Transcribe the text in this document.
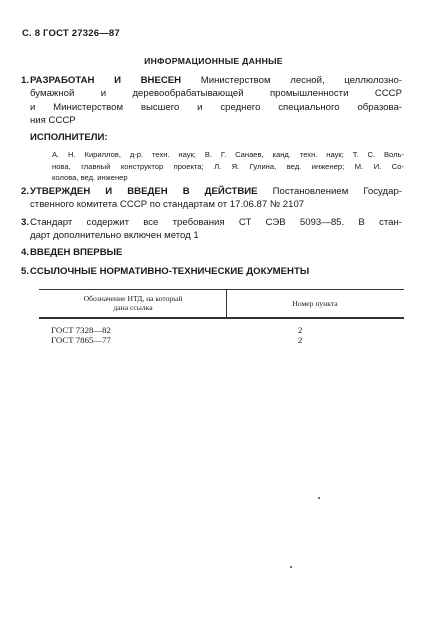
С. 8 ГОСТ 27326—87
ИНФОРМАЦИОННЫЕ ДАННЫЕ
1. РАЗРАБОТАН И ВНЕСЕН Министерством лесной, целлюлозно-
бумажной и деревообрабатывающей промышленности СССР
и Министерством высшего и среднего специального образова-
ния СССР
ИСПОЛНИТЕЛИ:
А. Н. Кириллов, д-р. техн. наук; В. Г. Санаев, канд. техн. наук; Т. С. Воль-
нова, главный конструктор проекта; Л. Я. Гулина, вед. инженер; М. И. Со-
колова, вед. инженер
2. УТВЕРЖДЕН И ВВЕДЕН В ДЕЙСТВИЕ Постановлением Государ-
ственного комитета СССР по стандартам от 17.06.87 № 2107
3. Стандарт содержит все требования СТ СЭВ 5093—85. В стан-
дарт дополнительно включен метод 1
4. ВВЕДЕН ВПЕРВЫЕ
5. ССЫЛОЧНЫЕ НОРМАТИВНО-ТЕХНИЧЕСКИЕ ДОКУМЕНТЫ
Обозначение НТД, на который
дана ссылка	Номер пункта
ГОСТ 7328—82	2
ГОСТ 7865—77	2
